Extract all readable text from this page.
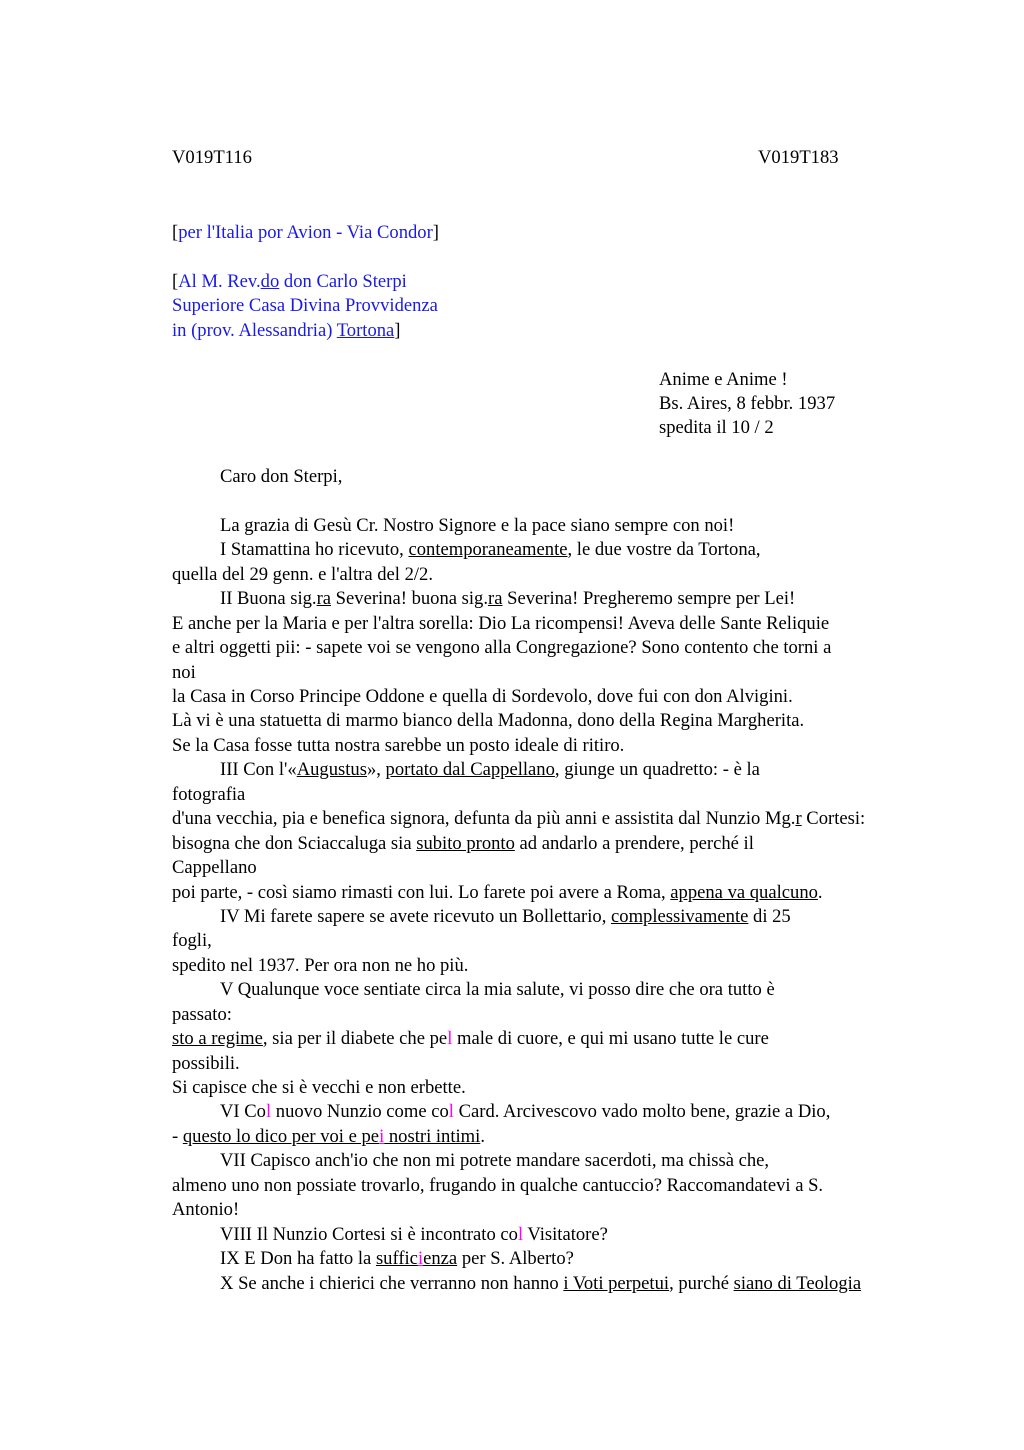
V019T116	V019T183
[per l'Italia por Avion - Via Condor]
[Al M. Rev.do don Carlo Sterpi
Superiore Casa Divina Provvidenza
in (prov. Alessandria) Tortona]
Anime e Anime !
Bs. Aires, 8 febbr. 1937
spedita il 10 / 2
Caro don Sterpi,
La grazia di Gesù Cr. Nostro Signore e la pace siano sempre con noi!
I Stamattina ho ricevuto, contemporaneamente, le due vostre da Tortona,
quella del 29 genn. e l'altra del 2/2.
II Buona sig.ra Severina! buona sig.ra Severina! Pregheremo sempre per Lei!
E anche per la Maria e per l'altra sorella: Dio La ricompensi! Aveva delle Sante Reliquie
e altri oggetti pii: - sapete voi se vengono alla Congregazione? Sono contento che torni a
noi
la Casa in Corso Principe Oddone e quella di Sordevolo, dove fui con don Alvigini.
Là vi è una statuetta di marmo bianco della Madonna, dono della Regina Margherita.
Se la Casa fosse tutta nostra sarebbe un posto ideale di ritiro.
III Con l'«Augustus», portato dal Cappellano, giunge un quadretto: - è la
fotografia
d'una vecchia, pia e benefica signora, defunta da più anni e assistita dal Nunzio Mg.r Cortesi:
bisogna che don Sciaccaluga sia subito pronto ad andarlo a prendere, perché il
Cappellano
poi parte, - così siamo rimasti con lui. Lo farete poi avere a Roma, appena va qualcuno.
IV Mi farete sapere se avete ricevuto un Bollettario, complessivamente di 25
fogli,
spedito nel 1937. Per ora non ne ho più.
V Qualunque voce sentiate circa la mia salute, vi posso dire che ora tutto è
passato:
sto a regime, sia per il diabete che pel male di cuore, e qui mi usano tutte le cure
possibili.
Si capisce che si è vecchi e non erbette.
VI Col nuovo Nunzio come col Card. Arcivescovo vado molto bene, grazie a Dio,
- questo lo dico per voi e pei nostri intimi.
VII Capisco anch'io che non mi potrete mandare sacerdoti, ma chissà che,
almeno uno non possiate trovarlo, frugando in qualche cantuccio? Raccomandatevi a S.
Antonio!
VIII Il Nunzio Cortesi si è incontrato col Visitatore?
IX E Don ha fatto la sufficienza per S. Alberto?
X Se anche i chierici che verranno non hanno i Voti perpetui, purché siano di Teologia
